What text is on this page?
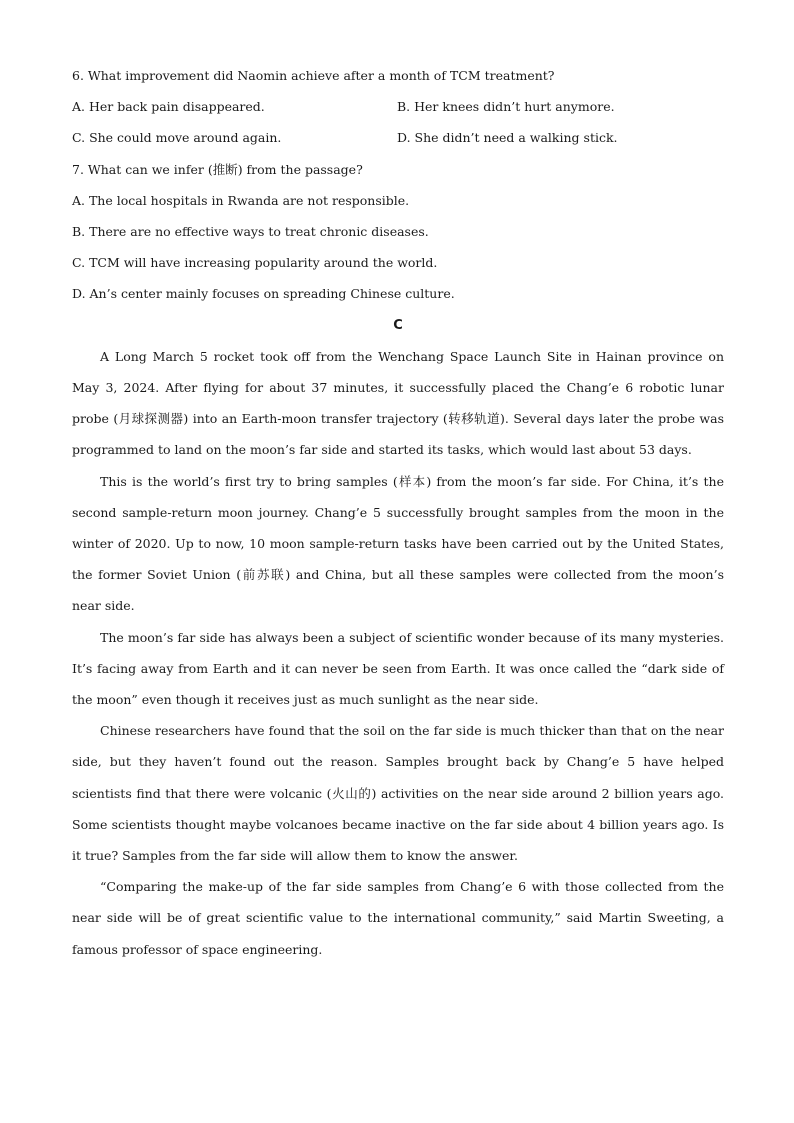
6. What improvement did Naomin achieve after a month of TCM treatment?
A. Her back pain disappeared.	B. Her knees didn’t hurt anymore.
C. She could move around again.	D. She didn’t need a walking stick.
7. What can we infer (推断) from the passage?
A. The local hospitals in Rwanda are not responsible.
B. There are no effective ways to treat chronic diseases.
C. TCM will have increasing popularity around the world.
D. An’s center mainly focuses on spreading Chinese culture.
C

A Long March 5 rocket took off from the Wenchang Space Launch Site in Hainan province on May 3, 2024. After flying for about 37 minutes, it successfully placed the Chang’e 6 robotic lunar probe (月球探测器) into an Earth-moon transfer trajectory (转移轨道). Several days later the probe was programmed to land on the moon’s far side and started its tasks, which would last about 53 days.

This is the world’s first try to bring samples (样本) from the moon’s far side. For China, it’s the second sample-return moon journey. Chang’e 5 successfully brought samples from the moon in the winter of 2020. Up to now, 10 moon sample-return tasks have been carried out by the United States, the former Soviet Union (前苏联) and China, but all these samples were collected from the moon’s near side.

The moon’s far side has always been a subject of scientific wonder because of its many mysteries. It’s facing away from Earth and it can never be seen from Earth. It was once called the “dark side of the moon” even though it receives just as much sunlight as the near side.

Chinese researchers have found that the soil on the far side is much thicker than that on the near side, but they haven’t found out the reason. Samples brought back by Chang’e 5 have helped scientists find that there were volcanic (火山的) activities on the near side around 2 billion years ago. Some scientists thought maybe volcanoes became inactive on the far side about 4 billion years ago. Is it true? Samples from the far side will allow them to know the answer.

“Comparing the make-up of the far side samples from Chang’e 6 with those collected from the near side will be of great scientific value to the international community,” said Martin Sweeting, a famous professor of space engineering.
